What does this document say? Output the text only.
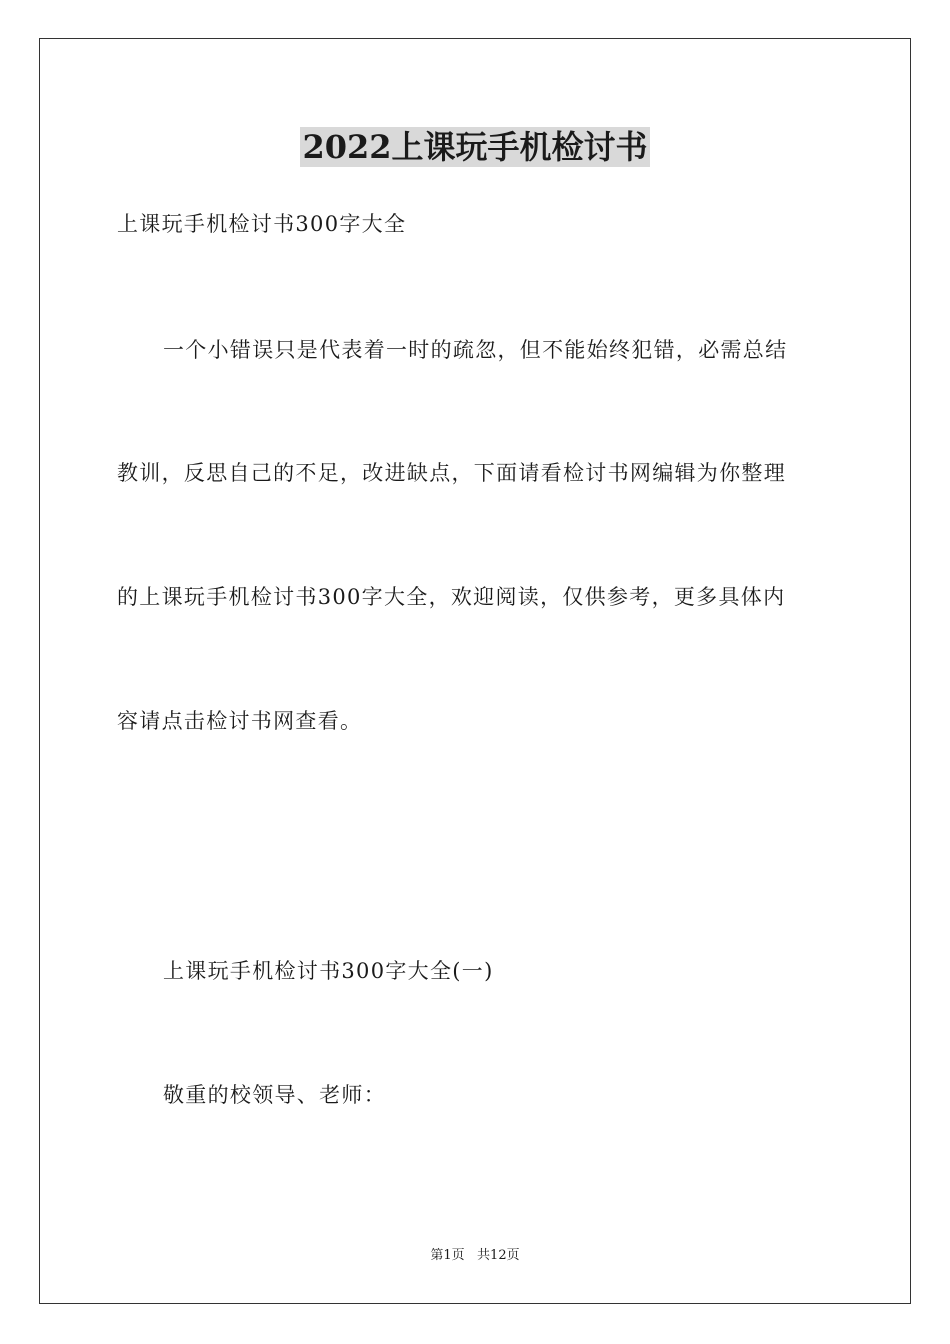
2022上课玩手机检讨书
上课玩手机检讨书300字大全
一个小错误只是代表着一时的疏忽，但不能始终犯错，必需总结
教训，反思自己的不足，改进缺点，下面请看检讨书网编辑为你整理
的上课玩手机检讨书300字大全，欢迎阅读，仅供参考，更多具体内
容请点击检讨书网查看。
上课玩手机检讨书300字大全(一)
敬重的校领导、老师：
第1页   共12页
